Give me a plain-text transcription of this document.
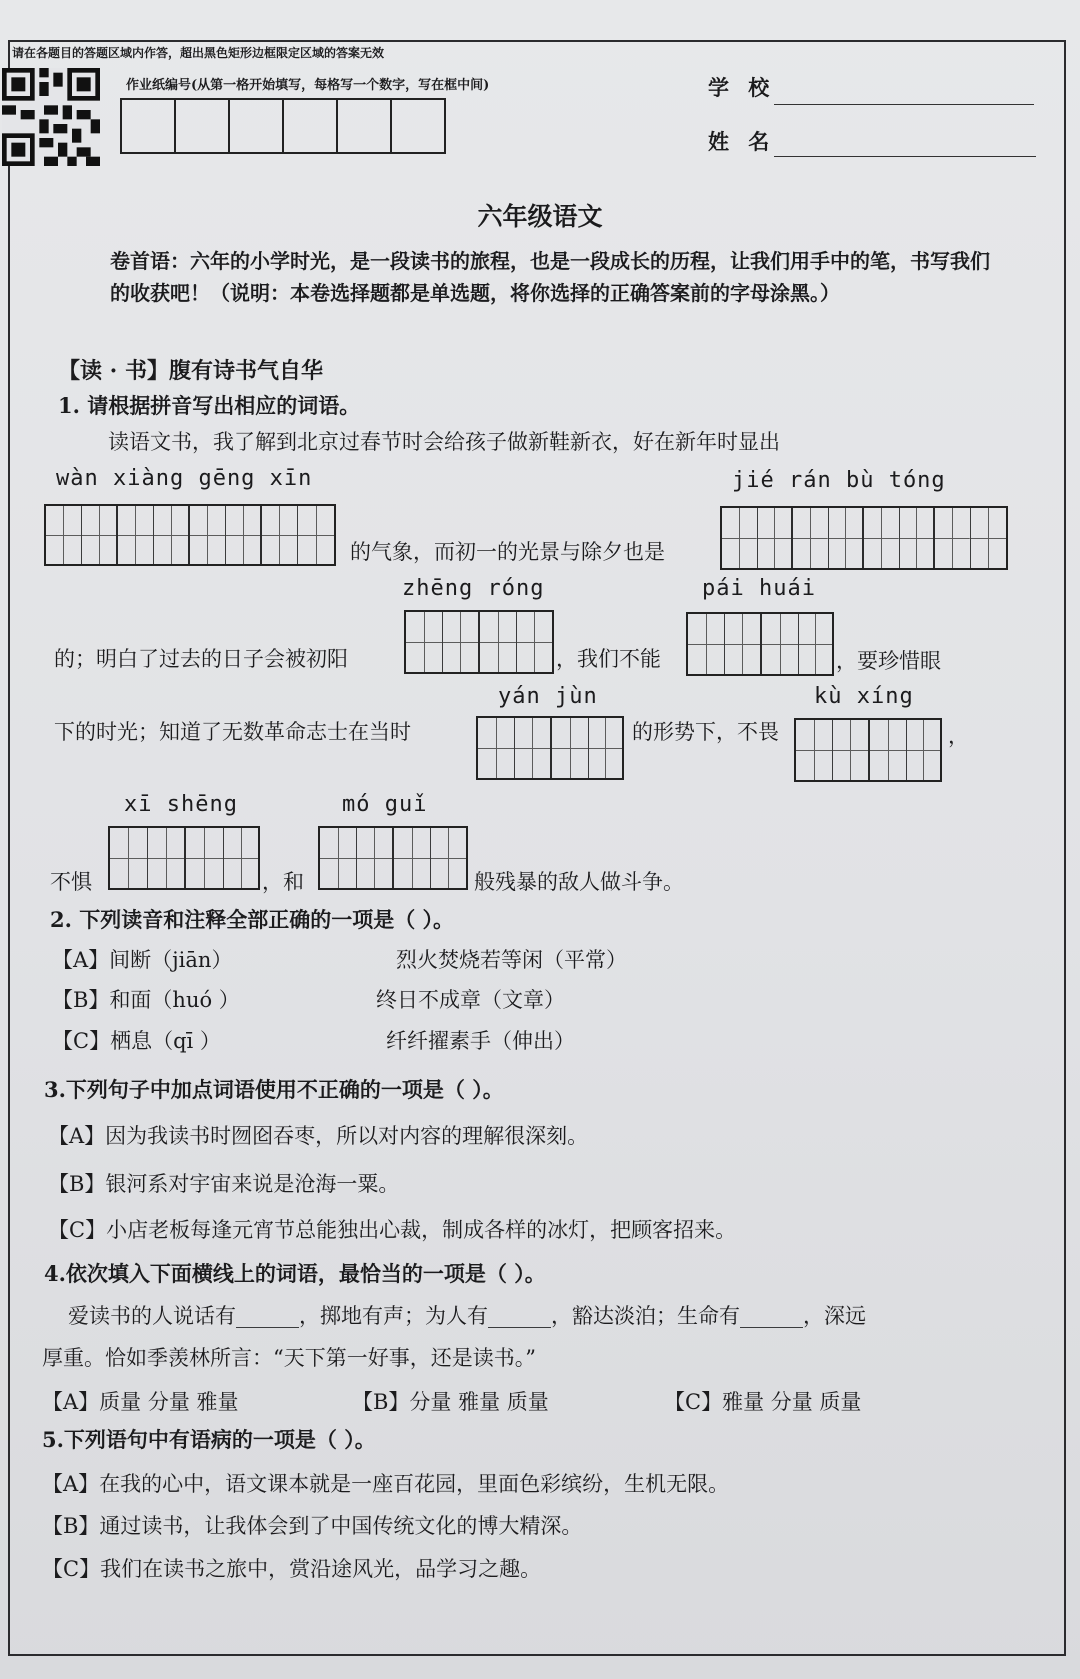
请在各题目的答题区域内作答，超出黑色矩形边框限定区域的答案无效
作业纸编号(从第一格开始填写，每格写一个数字，写在框中间)	学 校
姓 名
六年级语文
卷首语：六年的小学时光，是一段读书的旅程，也是一段成长的历程，让我们用手中的笔，书写我们的收获吧！（说明：本卷选择题都是单选题，将你选择的正确答案前的字母涂黑。）
【读 · 书】腹有诗书气自华
1. 请根据拼音写出相应的词语。
读语文书，我了解到北京过春节时会给孩子做新鞋新衣，好在新年时显出
wàn xiàng gēng xīn	jié rán bù tóng
的气象，而初一的光景与除夕也是
zhēng róng	pái huái
的；明白了过去的日子会被初阳	，我们不能	，要珍惜眼
yán jùn	kù xíng
下的时光；知道了无数革命志士在当时	的形势下，不畏	，
xī shēng	mó guǐ
不惧	，和	般残暴的敌人做斗争。
2. 下列读音和注释全部正确的一项是（ ）。
【A】间断（jiān）	烈火焚烧若等闲（平常）
【B】和面（huó ）	终日不成章（文章）
【C】栖息（qī ）	纤纤擢素手（伸出）
3.下列句子中加点词语使用不正确的一项是（ ）。
【A】因为我读书时囫囵吞枣，所以对内容的理解很深刻。
【B】银河系对宇宙来说是沧海一粟。
【C】小店老板每逢元宵节总能独出心裁，制成各样的冰灯，把顾客招来。
4.依次填入下面横线上的词语，最恰当的一项是（ ）。
爱读书的人说话有______，掷地有声；为人有______，豁达淡泊；生命有______，深远
厚重。恰如季羡林所言：“天下第一好事，还是读书。”
【A】质量 分量 雅量	【B】分量 雅量 质量	【C】雅量 分量 质量
5.下列语句中有语病的一项是（ ）。
【A】在我的心中，语文课本就是一座百花园，里面色彩缤纷，生机无限。
【B】通过读书，让我体会到了中国传统文化的博大精深。
【C】我们在读书之旅中，赏沿途风光，品学习之趣。
